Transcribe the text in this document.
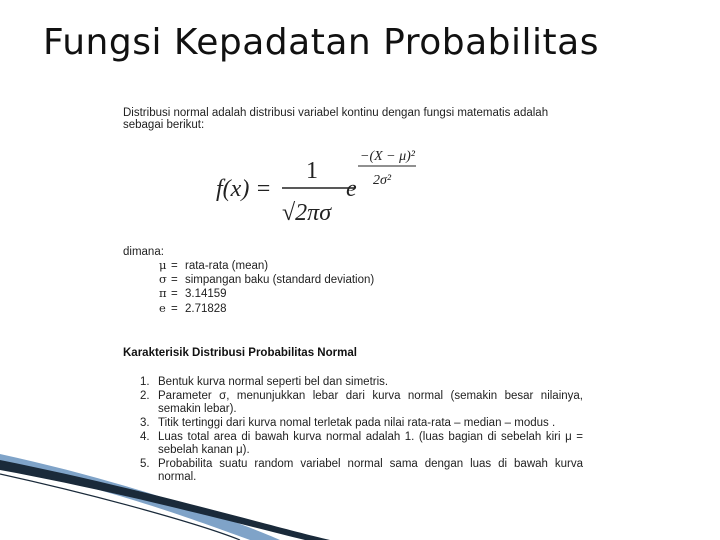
Fungsi Kepadatan Probabilitas
Distribusi normal adalah distribusi variabel kontinu dengan fungsi matematis adalah sebagai berikut:
f(x) =
1
√2πσ
e
−(X − μ)²
2σ²
dimana:
μ = rata-rata (mean)
σ = simpangan baku (standard deviation)
π = 3.14159
e = 2.71828
Karakterisik Distribusi Probabilitas Normal
1. Bentuk kurva normal seperti bel dan simetris.
2. Parameter σ, menunjukkan lebar dari kurva normal (semakin besar nilainya, semakin lebar).
3. Titik tertinggi dari kurva nomal terletak pada nilai rata-rata – median – modus .
4. Luas total area di bawah kurva normal adalah 1. (luas bagian di sebelah kiri μ = sebelah kanan μ).
5. Probabilita suatu random variabel normal sama dengan luas di bawah kurva normal.
